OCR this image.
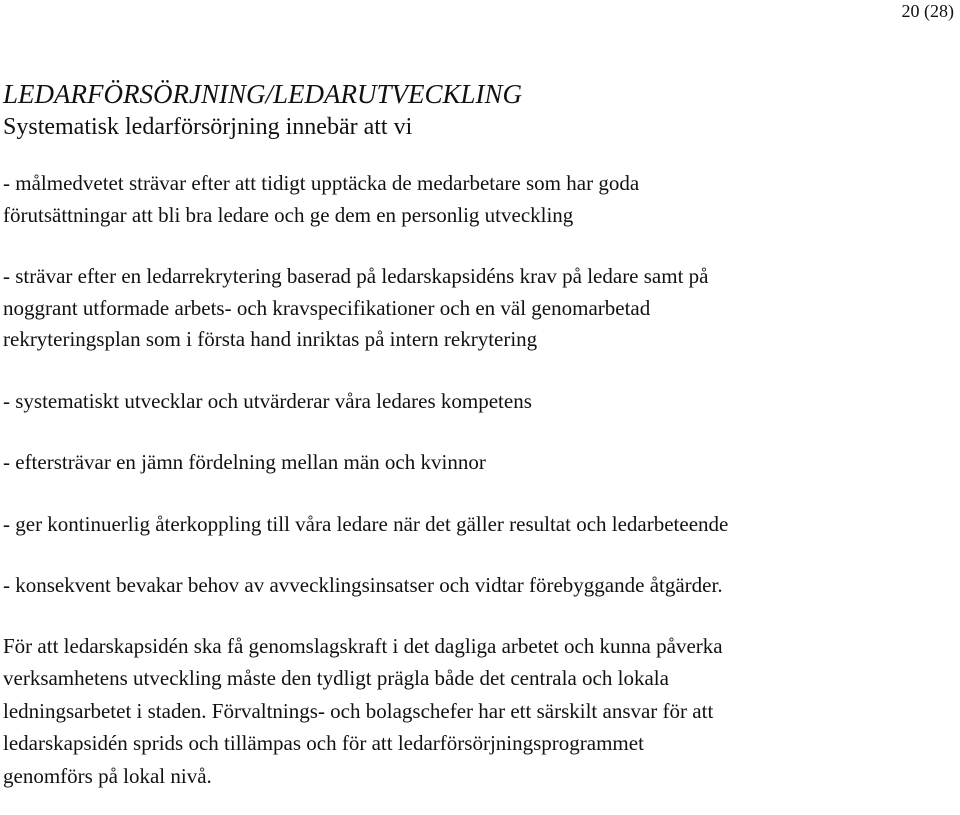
20 (28)
LEDARFÖRSÖRJNING/LEDARUTVECKLING

Systematisk ledarförsörjning innebär att vi

- målmedvetet strävar efter att tidigt upptäcka de medarbetare som har goda
förutsättningar att bli bra ledare och ge dem en personlig utveckling
- strävar efter en ledarrekrytering baserad på ledarskapsidéns krav på ledare samt på
noggrant utformade arbets- och kravspecifikationer och en väl genomarbetad
rekryteringsplan som i första hand inriktas på intern rekrytering
- systematiskt utvecklar och utvärderar våra ledares kompetens
- eftersträvar en jämn fördelning mellan män och kvinnor
- ger kontinuerlig återkoppling till våra ledare när det gäller resultat och ledarbeteende
- konsekvent bevakar behov av avvecklingsinsatser och vidtar förebyggande åtgärder.
För att ledarskapsidén ska få genomslagskraft i det dagliga arbetet och kunna påverka
verksamhetens utveckling måste den tydligt prägla både det centrala och lokala
ledningsarbetet i staden. Förvaltnings- och bolagschefer har ett särskilt ansvar för att
ledarskapsidén sprids och tillämpas och för att ledarförsörjningsprogrammet
genomförs på lokal nivå.
